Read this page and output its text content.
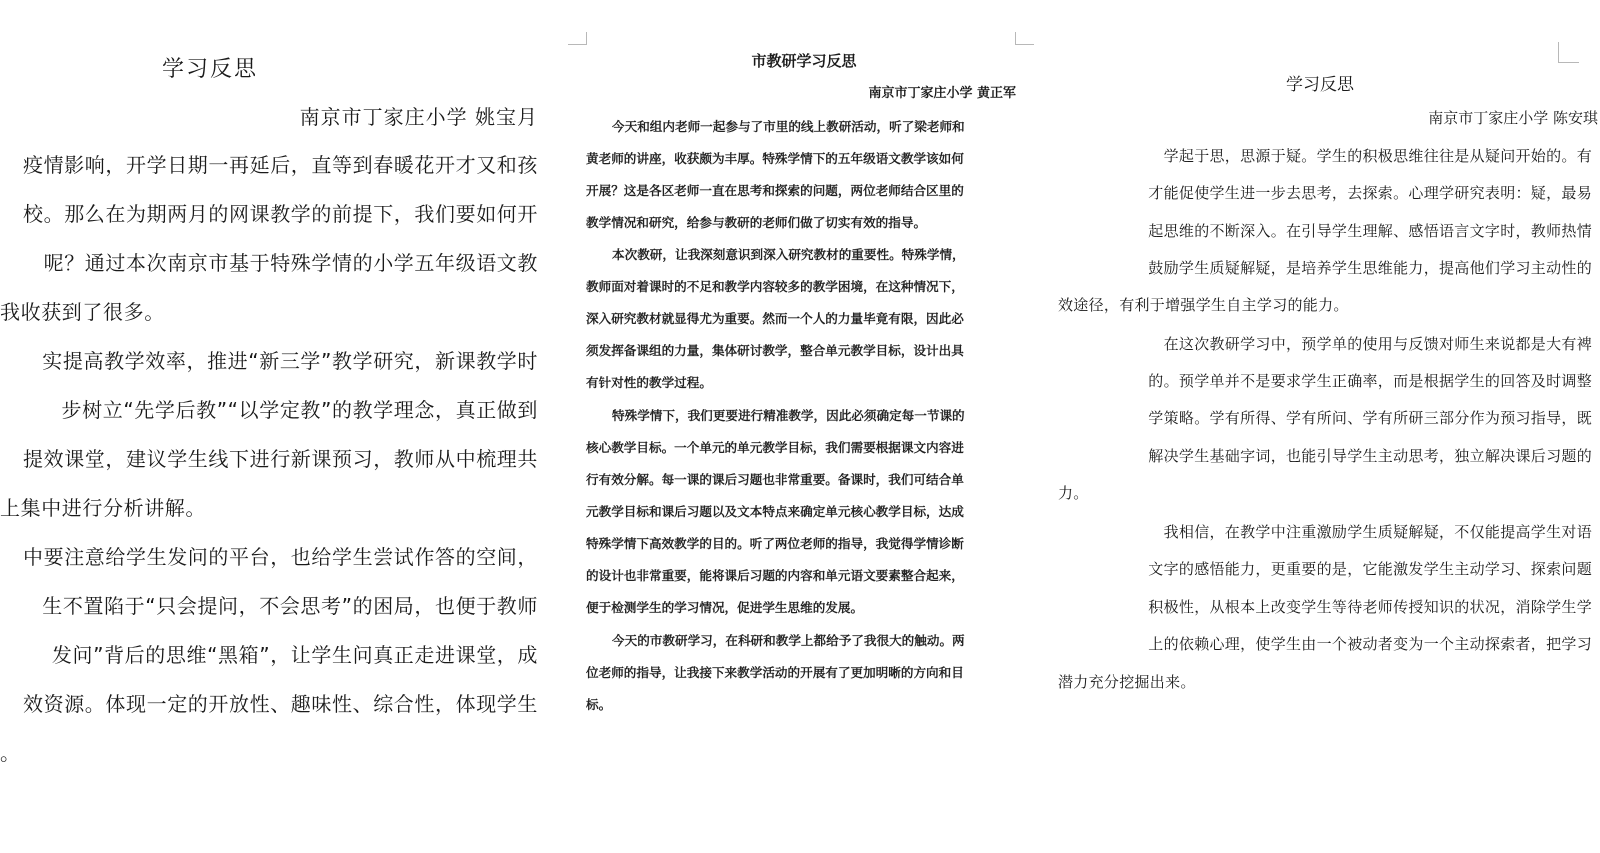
学习反思
南京市丁家庄小学 姚宝月
疫情影响，开学日期一再延后，直等到春暖花开才又和孩
校。那么在为期两月的网课教学的前提下，我们要如何开
呢？通过本次南京市基于特殊学情的小学五年级语文教
我收获到了很多。
实提高教学效率，推进“新三学”教学研究，新课教学时
步树立“先学后教”“以学定教”的教学理念，真正做到
提效课堂，建议学生线下进行新课预习，教师从中梳理共
上集中进行分析讲解。
中要注意给学生发问的平台，也给学生尝试作答的空间，
生不置陷于“只会提问，不会思考”的困局，也便于教师
发问”背后的思维“黑箱”，让学生问真正走进课堂，成
效资源。体现一定的开放性、趣味性、综合性，体现学生
。
市教研学习反思
南京市丁家庄小学 黄正军
今天和组内老师一起参与了市里的线上教研活动，听了梁老师和
黄老师的讲座，收获颇为丰厚。特殊学情下的五年级语文教学该如何
开展？这是各区老师一直在思考和探索的问题，两位老师结合区里的
教学情况和研究，给参与教研的老师们做了切实有效的指导。
本次教研，让我深刻意识到深入研究教材的重要性。特殊学情，
教师面对着课时的不足和教学内容较多的教学困境，在这种情况下，
深入研究教材就显得尤为重要。然而一个人的力量毕竟有限，因此必
须发挥备课组的力量，集体研讨教学，整合单元教学目标，设计出具
有针对性的教学过程。
特殊学情下，我们更要进行精准教学，因此必须确定每一节课的
核心教学目标。一个单元的单元教学目标，我们需要根据课文内容进
行有效分解。每一课的课后习题也非常重要。备课时，我们可结合单
元教学目标和课后习题以及文本特点来确定单元核心教学目标，达成
特殊学情下高效教学的目的。听了两位老师的指导，我觉得学情诊断
的设计也非常重要，能将课后习题的内容和单元语文要素整合起来，
便于检测学生的学习情况，促进学生思维的发展。
今天的市教研学习，在科研和教学上都给予了我很大的触动。两
位老师的指导，让我接下来教学活动的开展有了更加明晰的方向和目
标。
学习反思
南京市丁家庄小学 陈安琪
学起于思，思源于疑。学生的积极思维往往是从疑问开始的。有
才能促使学生进一步去思考，去探索。心理学研究表明：疑，最易
起思维的不断深入。在引导学生理解、感悟语言文字时，教师热情
鼓励学生质疑解疑，是培养学生思维能力，提高他们学习主动性的
效途径，有利于增强学生自主学习的能力。
在这次教研学习中，预学单的使用与反馈对师生来说都是大有裨
的。预学单并不是要求学生正确率，而是根据学生的回答及时调整
学策略。学有所得、学有所问、学有所研三部分作为预习指导，既
解决学生基础字词，也能引导学生主动思考，独立解决课后习题的
力。
我相信，在教学中注重激励学生质疑解疑，不仅能提高学生对语
文字的感悟能力，更重要的是，它能激发学生主动学习、探索问题
积极性，从根本上改变学生等待老师传授知识的状况，消除学生学
上的依赖心理，使学生由一个被动者变为一个主动探索者，把学习
潜力充分挖掘出来。
